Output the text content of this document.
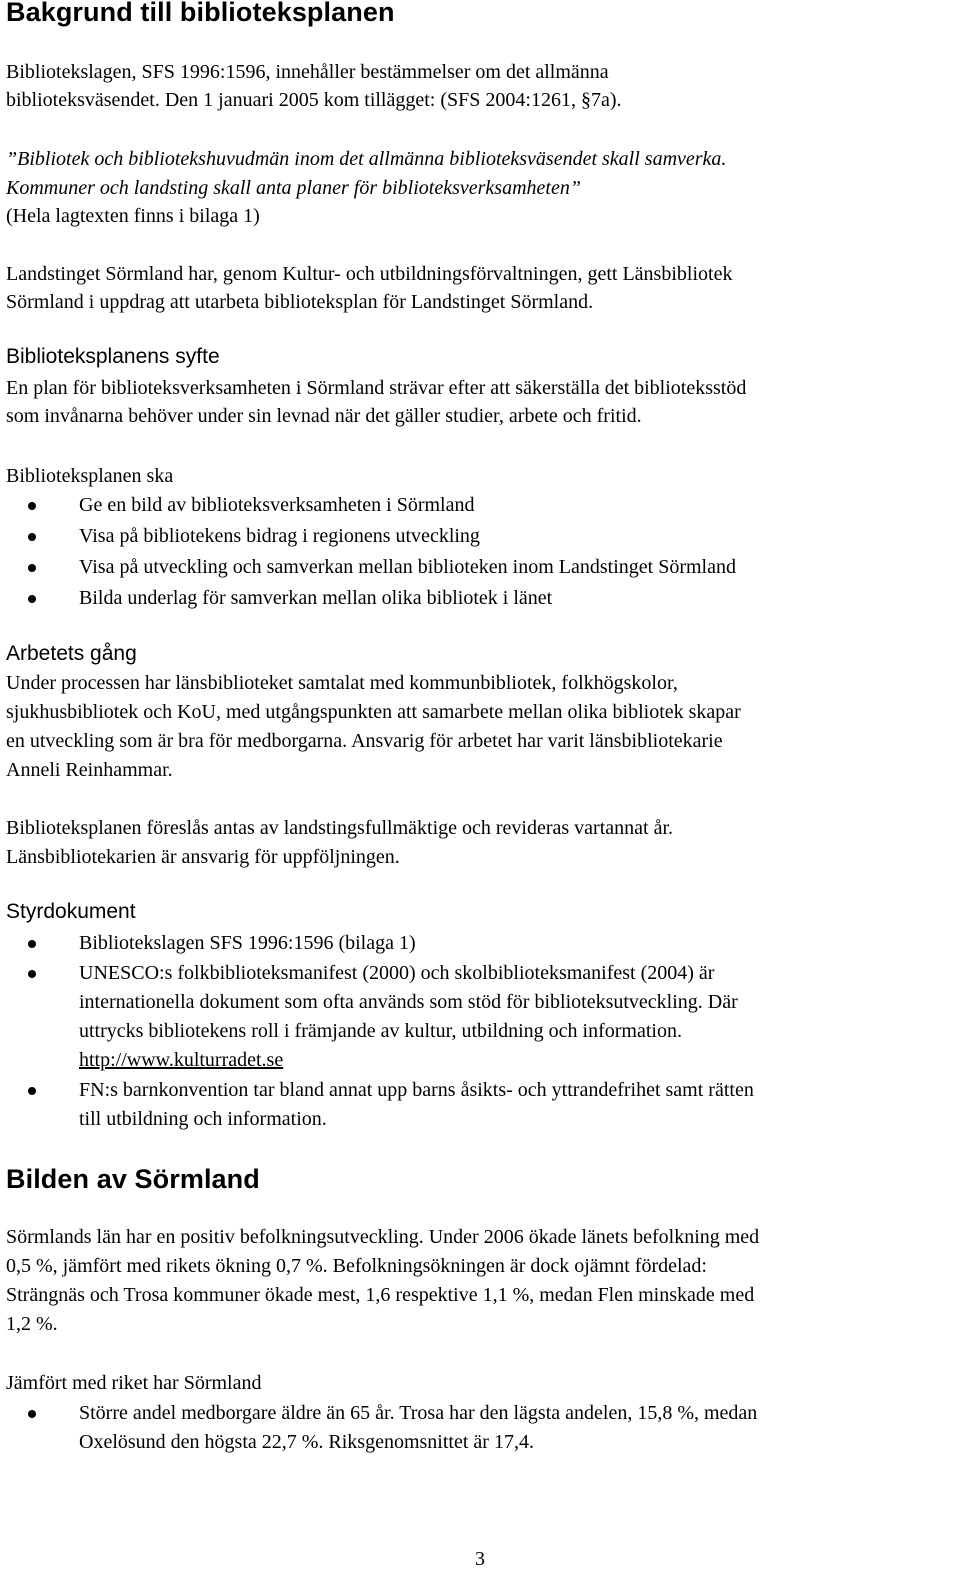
Bakgrund till biblioteksplanen

Bibliotekslagen, SFS 1996:1596, innehåller bestämmelser om det allmänna

biblioteksväsendet. Den 1 januari 2005 kom tillägget: (SFS 2004:1261, §7a).

”Bibliotek och bibliotekshuvudmän inom det allmänna biblioteksväsendet skall samverka.

Kommuner och landsting skall anta planer för biblioteksverksamheten”

(Hela lagtexten finns i bilaga 1)

Landstinget Sörmland har, genom Kultur- och utbildningsförvaltningen, gett Länsbibliotek

Sörmland i uppdrag att utarbeta biblioteksplan för Landstinget Sörmland.

Biblioteksplanens syfte

En plan för biblioteksverksamheten i Sörmland strävar efter att säkerställa det biblioteksstöd

som invånarna behöver under sin levnad när det gäller studier, arbete och fritid.

Biblioteksplanen ska

Ge en bild av biblioteksverksamheten i Sörmland
Visa på bibliotekens bidrag i regionens utveckling
Visa på utveckling och samverkan mellan biblioteken inom Landstinget Sörmland
Bilda underlag för samverkan mellan olika bibliotek i länet
Arbetets gång

Under processen har länsbiblioteket samtalat med kommunbibliotek, folkhögskolor,

sjukhusbibliotek och KoU, med utgångspunkten att samarbete mellan olika bibliotek skapar

en utveckling som är bra för medborgarna. Ansvarig för arbetet har varit länsbibliotekarie

Anneli Reinhammar.

Biblioteksplanen föreslås antas av landstingsfullmäktige och revideras vartannat år.

Länsbibliotekarien är ansvarig för uppföljningen.

Styrdokument
Bibliotekslagen SFS 1996:1596 (bilaga 1)
UNESCO:s folkbiblioteksmanifest (2000) och skolbiblioteksmanifest (2004) är
internationella dokument som ofta används som stöd för biblioteksutveckling. Där
uttrycks bibliotekens roll i främjande av kultur, utbildning och information.
http://www.kulturradet.se
FN:s barnkonvention tar bland annat upp barns åsikts- och yttrandefrihet samt rätten
till utbildning och information.
Bilden av Sörmland

Sörmlands län har en positiv befolkningsutveckling. Under 2006 ökade länets befolkning med

0,5 %, jämfört med rikets ökning 0,7 %. Befolkningsökningen är dock ojämnt fördelad:

Strängnäs och Trosa kommuner ökade mest, 1,6 respektive 1,1 %, medan Flen minskade med

1,2 %.

Jämfört med riket har Sörmland

Större andel medborgare äldre än 65 år. Trosa har den lägsta andelen, 15,8 %, medan
Oxelösund den högsta 22,7 %. Riksgenomsnittet är 17,4.
3
